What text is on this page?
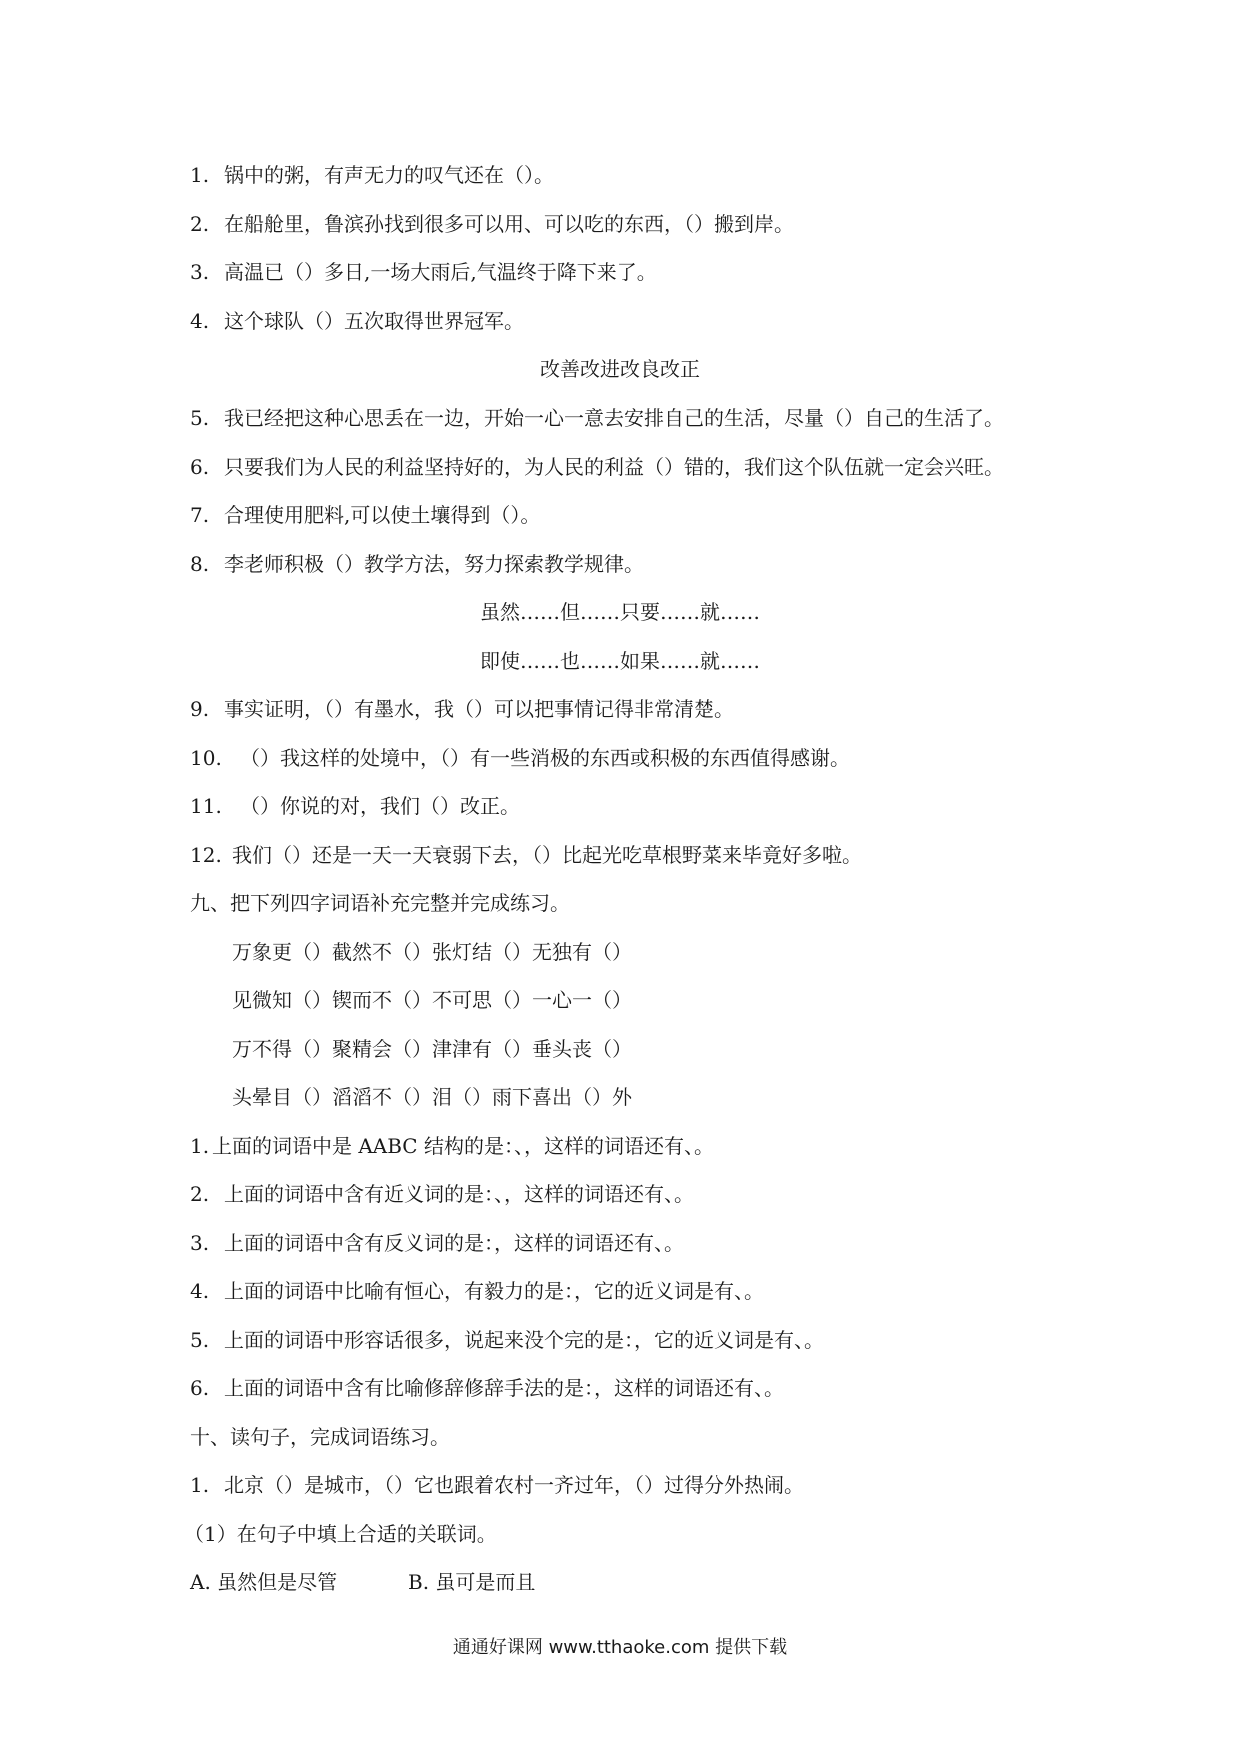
1. 锅中的粥，有声无力的叹气还在（）。
2. 在船舱里，鲁滨孙找到很多可以用、可以吃的东西，（）搬到岸。
3. 高温已（）多日,一场大雨后,气温终于降下来了。
4. 这个球队（）五次取得世界冠军。
改善改进改良改正
5. 我已经把这种心思丢在一边，开始一心一意去安排自己的生活，尽量（）自己的生活了。
6. 只要我们为人民的利益坚持好的，为人民的利益（）错的，我们这个队伍就一定会兴旺。
7. 合理使用肥料,可以使土壤得到（）。
8. 李老师积极（）教学方法，努力探索教学规律。
虽然……但……只要……就……
即使……也……如果……就……
9. 事实证明，（）有墨水，我（）可以把事情记得非常清楚。
10. （）我这样的处境中，（）有一些消极的东西或积极的东西值得感谢。
11. （）你说的对，我们（）改正。
12. 我们（）还是一天一天衰弱下去，（）比起光吃草根野菜来毕竟好多啦。
九、把下列四字词语补充完整并完成练习。
万象更（）截然不（）张灯结（）无独有（）
见微知（）锲而不（）不可思（）一心一（）
万不得（）聚精会（）津津有（）垂头丧（）
头晕目（）滔滔不（）泪（）雨下喜出（）外
1. 上面的词语中是 AABC 结构的是：、，这样的词语还有、。
2. 上面的词语中含有近义词的是：、，这样的词语还有、。
3. 上面的词语中含有反义词的是：，这样的词语还有、。
4. 上面的词语中比喻有恒心，有毅力的是：，它的近义词是有、。
5. 上面的词语中形容话很多，说起来没个完的是：，它的近义词是有、。
6. 上面的词语中含有比喻修辞修辞手法的是：，这样的词语还有、。
十、读句子，完成词语练习。
1. 北京（）是城市，（）它也跟着农村一齐过年，（）过得分外热闹。
（1）在句子中填上合适的关联词。
A. 虽然但是尽管	B. 虽可是而且
通通好课网 www.tthaoke.com 提供下载
